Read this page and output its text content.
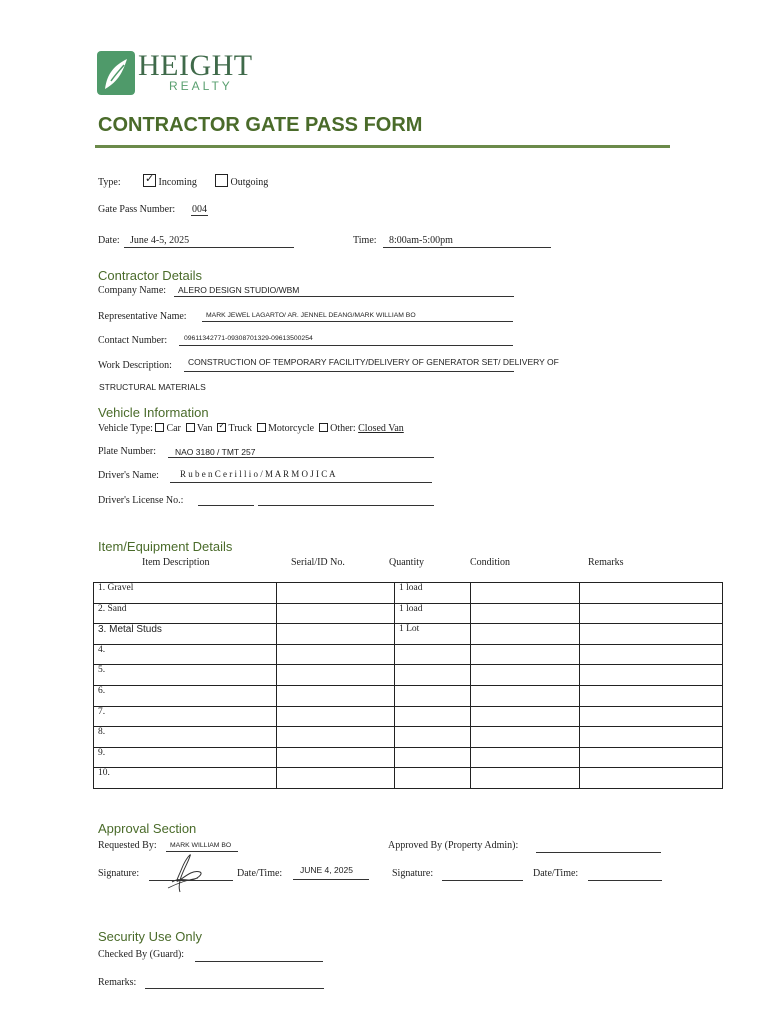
HEIGHT
REALTY
CONTRACTOR GATE PASS FORM
Type: ✓ Incoming	Outgoing
Gate Pass Number: 004
Date: June 4-5, 2025	Time: 8:00am-5:00pm
Contractor Details
Company Name: ALERO DESIGN STUDIO/WBM
Representative Name:	MARK JEWEL LAGARTO/ AR. JENNEL DEANG/MARK WILLIAM BO
Contact Number: 09611342771-09308701329-09613500254
Work Description: CONSTRUCTION OF TEMPORARY FACILITY/DELIVERY OF GENERATOR SET/ DELIVERY OF
STRUCTURAL MATERIALS
Vehicle Information
Vehicle Type: Car Van ✓ Truck Motorcycle Other: Closed Van
Plate Number: NAO 3180 / TMT 257
Driver's Name: R u b e n C e r i l l i o / M A R M O J I C A
Driver's License No.:
Item/Equipment Details
Item Description	Serial/ID No.	Quantity	Condition	Remarks
1. Gravel		1 load		
2. Sand		1 load		
3. Metal Studs		1 Lot		
4.				
5.				
6.				
7.				
8.				
9.				
10.				
Approval Section
Requested By: MARK WILLIAM BO	Approved By (Property Admin):
Signature:	Date/Time: JUNE 4, 2025	Signature:	Date/Time:
Security Use Only
Checked By (Guard):
Remarks:
